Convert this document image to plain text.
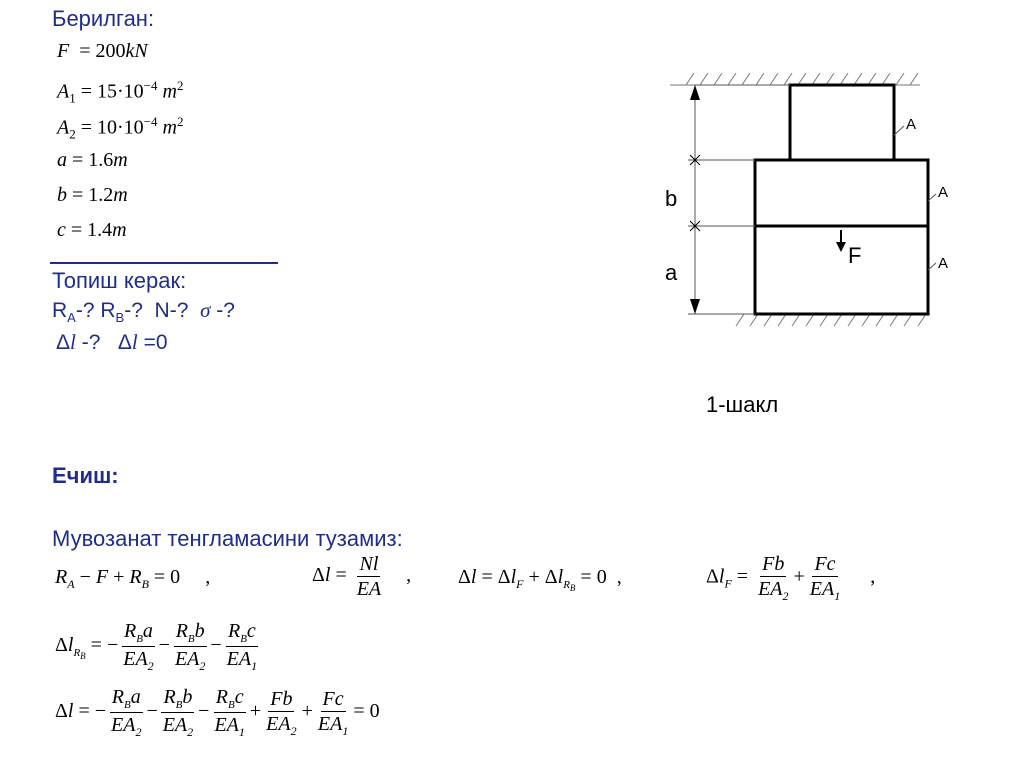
Берилган:
F  = 200kN
$A_1 = 15\cdot 10^{-4}$ $m^2$
$A_2 = 10\cdot 10^{-4}$ $m^2$
a = 1.6m
b = 1.2m
c = 1.4m
Топиш керак:
$R_A-$? $R_B-$?  N-?  σ -?
Δl -?   Δl =0
A
A
A
b
a
F
1-шакл
Ечиш:
Мувозанат тенгламасини тузамиз:
$R_A - F + R_B = 0$ ,	$\Delta l = \frac{Nl}{EA}$ , $\Delta l = \Delta l_F + \Delta l_{R_B} = 0$ ,	$\Delta l_F = \frac{Fb}{EA_2} + \frac{Fc}{EA_1}$ ,
$\Delta l_{R_B}$ = − $\frac{R_Ba}{EA_2} - \frac{R_Bb}{EA_2} - \frac{R_Bc}{EA_1}$
Δl = − $\frac{R_Ba}{EA_2} - \frac{R_Bb}{EA_2} - \frac{R_Bc}{EA_1} + \frac{Fb}{EA_2} + \frac{Fc}{EA_1} = 0$
